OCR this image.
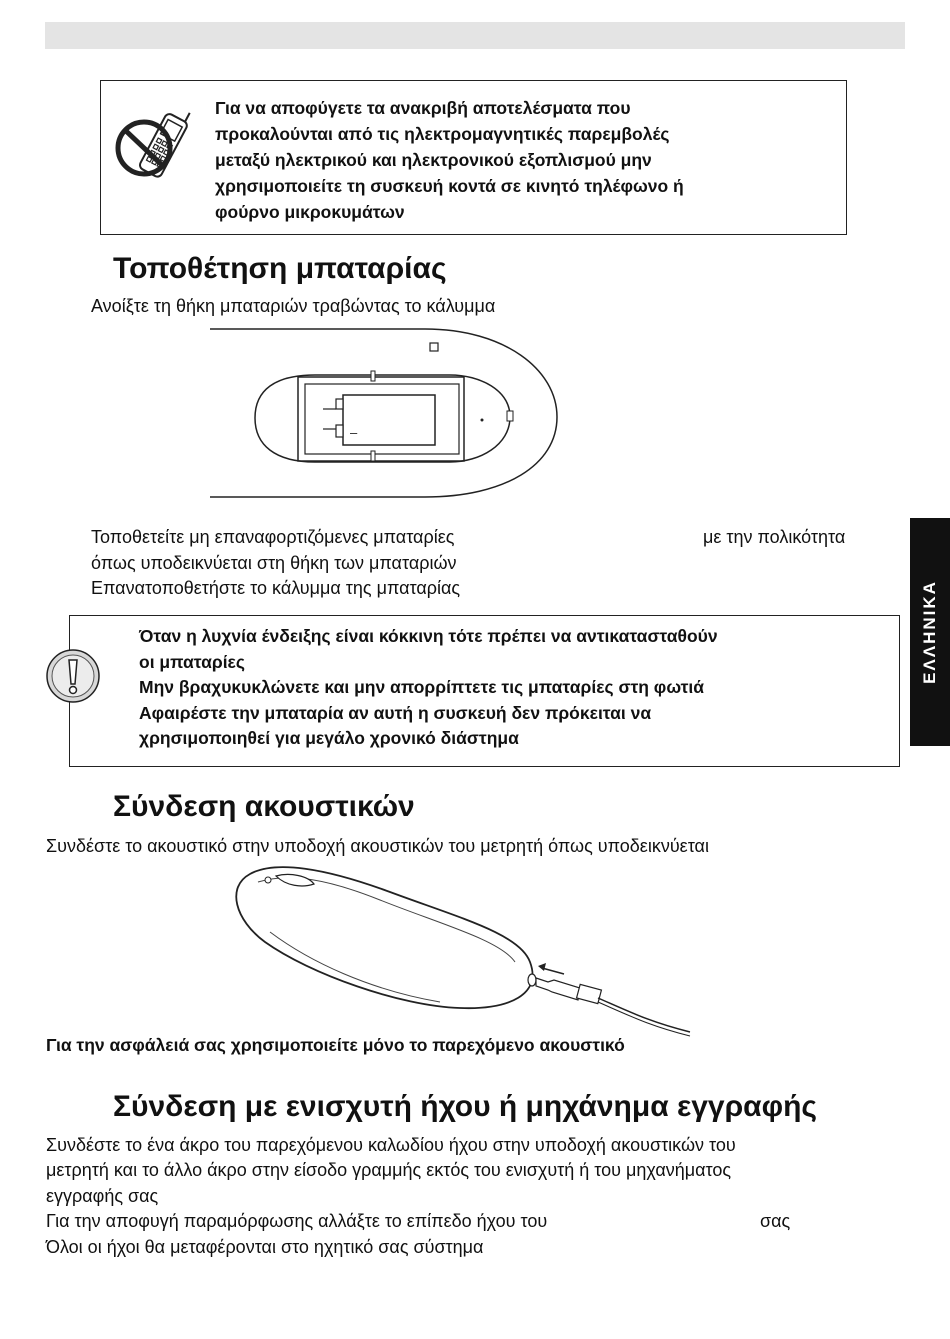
Για να αποφύγετε τα ανακριβή αποτελέσματα που
προκαλούνται από τις ηλεκτρομαγνητικές παρεμβολές
μεταξύ ηλεκτρικού και ηλεκτρονικού εξοπλισμού μην
χρησιμοποιείτε τη συσκευή κοντά σε κινητό τηλέφωνο ή
φούρνο μικροκυμάτων
Τοποθέτηση μπαταρίας
Ανοίξτε τη θήκη μπαταριών τραβώντας το κάλυμμα
–
Τοποθετείτε μη επαναφορτιζόμενες μπαταρίες	με την πολικότητα
όπως υποδεικνύεται στη θήκη των μπαταριών
Επανατοποθετήστε το κάλυμμα της μπαταρίας
Όταν η λυχνία ένδειξης είναι κόκκινη τότε πρέπει να αντικατασταθούν
οι μπαταρίες
Μην βραχυκυκλώνετε και μην απορρίπτετε τις μπαταρίες στη φωτιά
Αφαιρέστε την μπαταρία αν αυτή η συσκευή δεν πρόκειται να
χρησιμοποιηθεί για μεγάλο χρονικό διάστημα
ΕΛΛΗΝΙΚΑ
Σύνδεση ακουστικών
Συνδέστε το ακουστικό στην υποδοχή ακουστικών του μετρητή όπως υποδεικνύεται
Για την ασφάλειά σας χρησιμοποιείτε μόνο το παρεχόμενο ακουστικό
Σύνδεση με ενισχυτή ήχου ή μηχάνημα εγγραφής
Συνδέστε το ένα άκρο του παρεχόμενου καλωδίου ήχου στην υποδοχή ακουστικών του
μετρητή και το άλλο άκρο στην είσοδο γραμμής εκτός του ενισχυτή ή του μηχανήματος
εγγραφής σας
Για την αποφυγή παραμόρφωσης αλλάξτε το επίπεδο ήχου του	σας
Όλοι οι ήχοι θα μεταφέρονται στο ηχητικό σας σύστημα
